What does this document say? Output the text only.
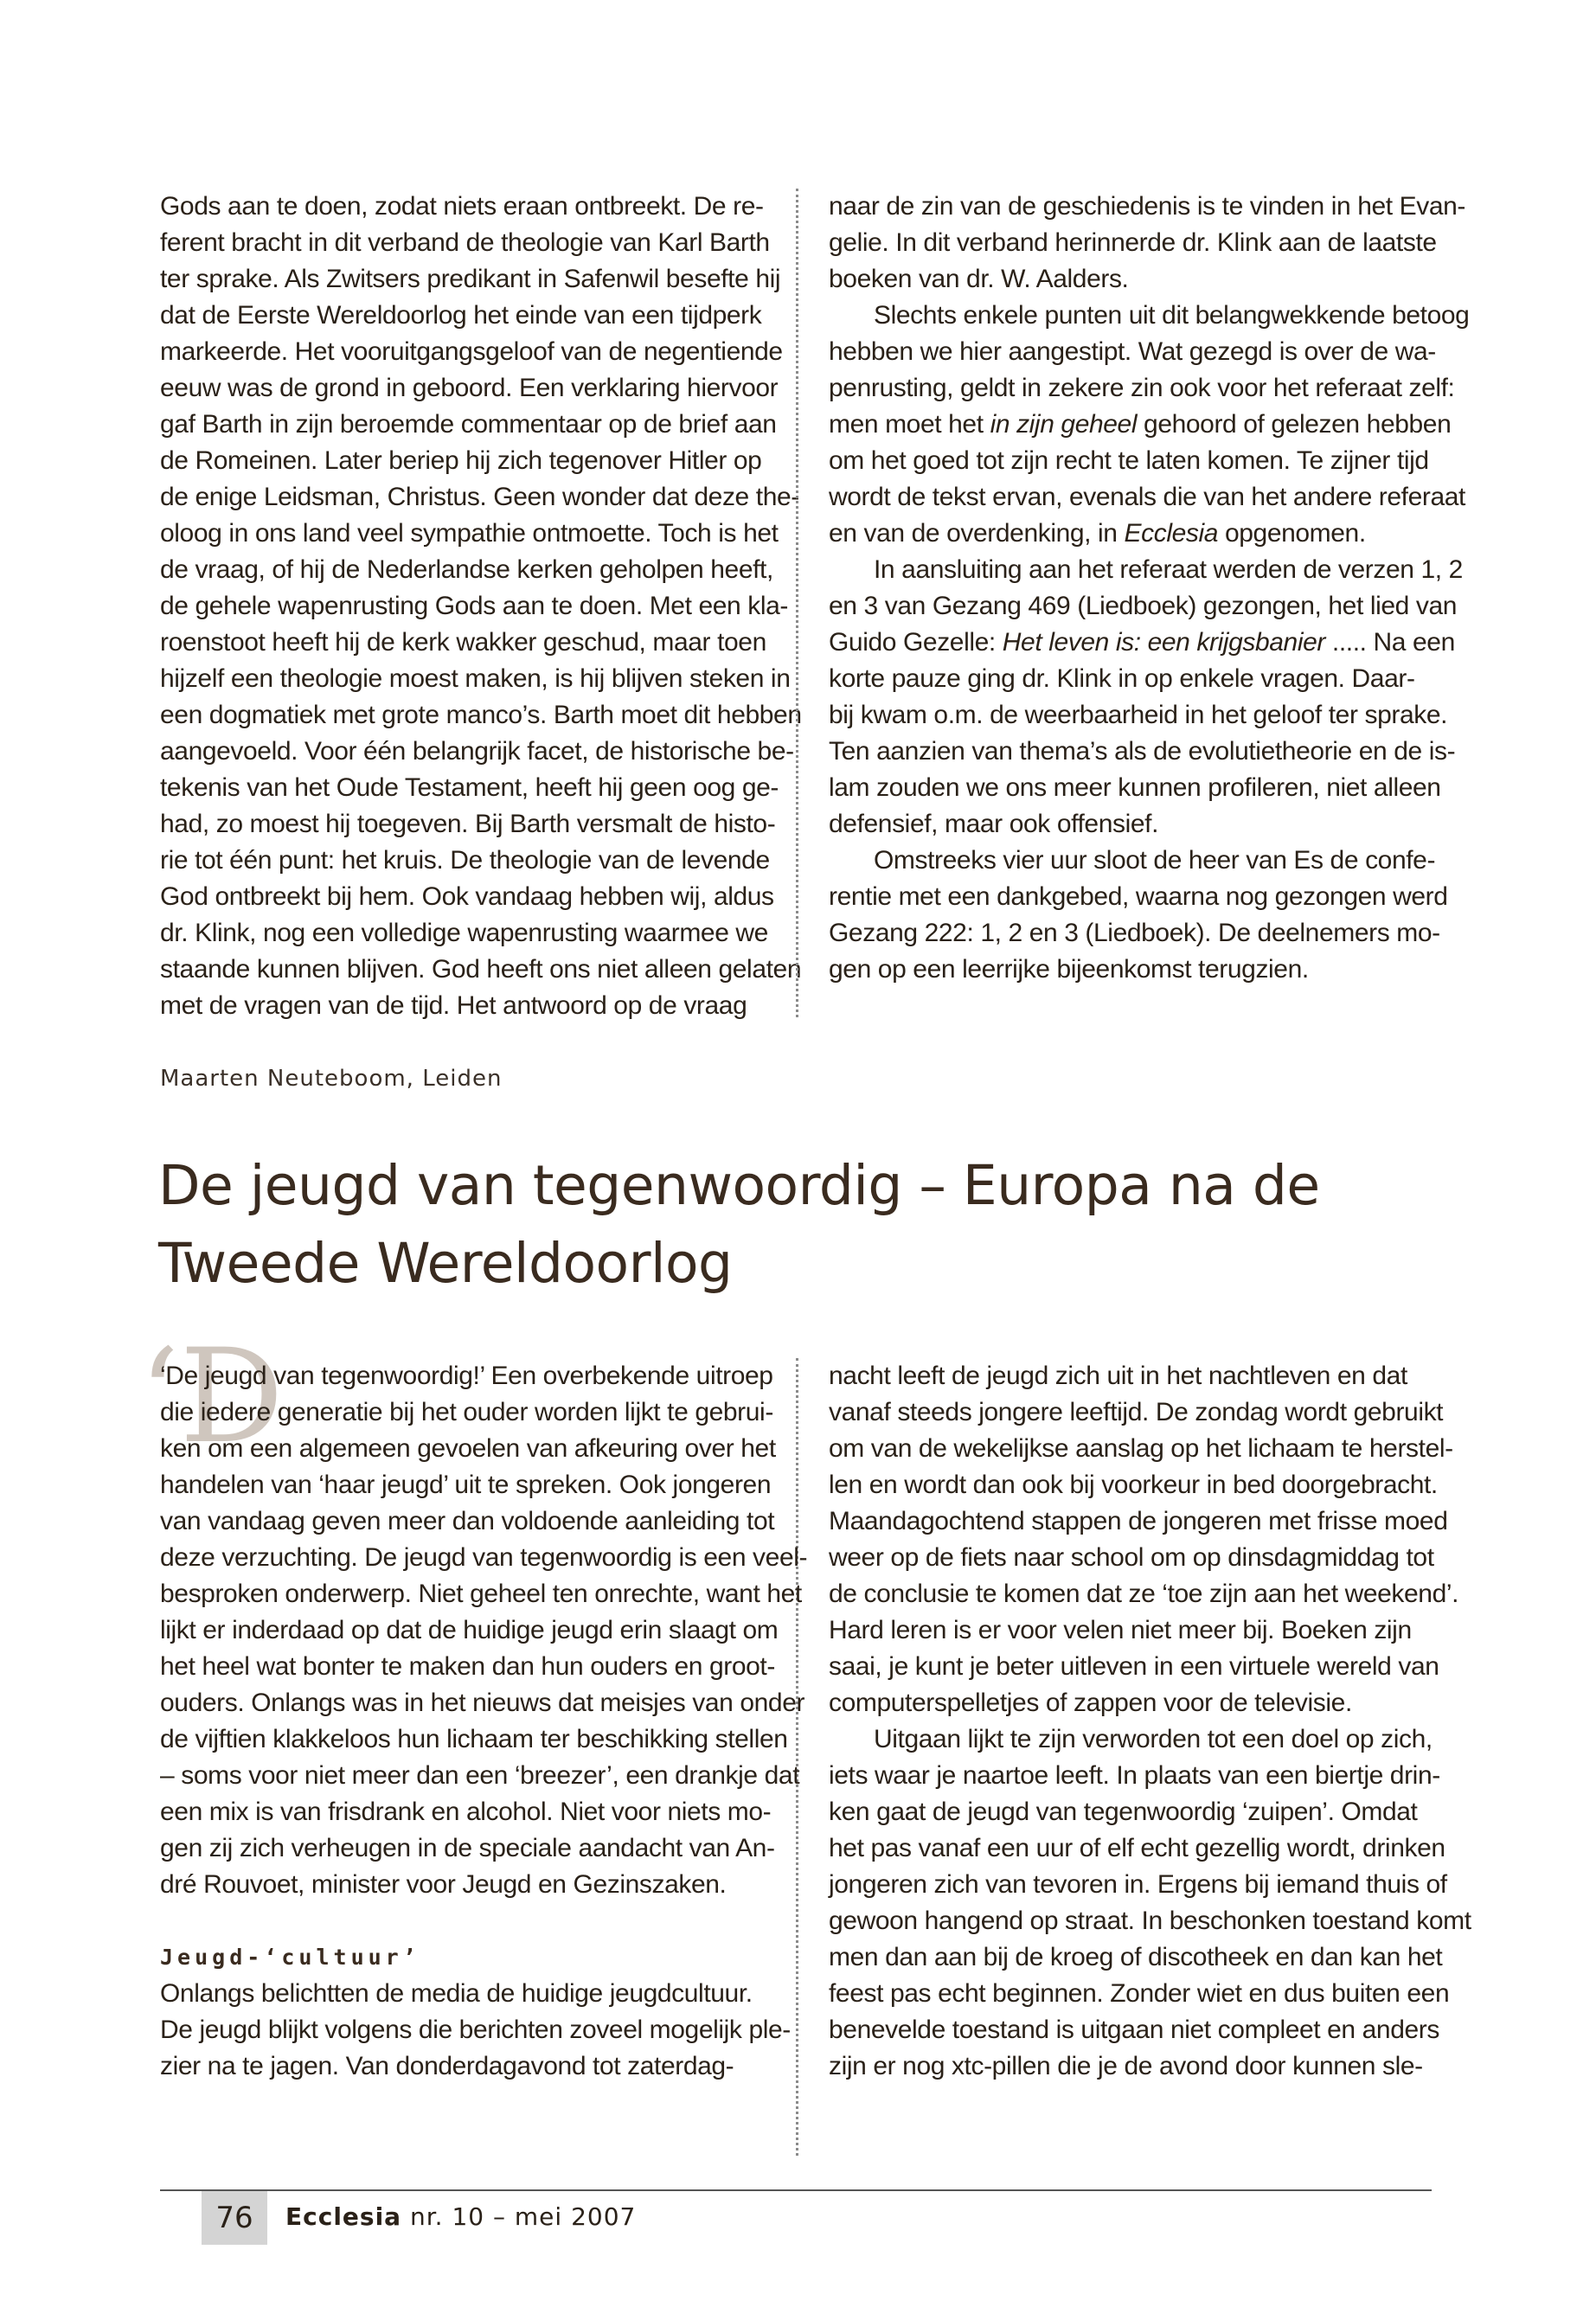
Gods aan te doen, zodat niets eraan ontbreekt. De re-
ferent bracht in dit verband de theologie van Karl Barth
ter sprake. Als Zwitsers predikant in Safenwil besefte hij
dat de Eerste Wereldoorlog het einde van een tijdperk
markeerde. Het vooruitgangsgeloof van de negentiende
eeuw was de grond in geboord. Een verklaring hiervoor
gaf Barth in zijn beroemde commentaar op de brief aan
de Romeinen. Later beriep hij zich tegenover Hitler op
de enige Leidsman, Christus. Geen wonder dat deze the-
oloog in ons land veel sympathie ontmoette. Toch is het
de vraag, of hij de Nederlandse kerken geholpen heeft,
de gehele wapenrusting Gods aan te doen. Met een kla-
roenstoot heeft hij de kerk wakker geschud, maar toen
hijzelf een theologie moest maken, is hij blijven steken in
een dogmatiek met grote manco’s. Barth moet dit hebben
aangevoeld. Voor één belangrijk facet, de historische be-
tekenis van het Oude Testament, heeft hij geen oog ge-
had, zo moest hij toegeven. Bij Barth versmalt de histo-
rie tot één punt: het kruis. De theologie van de levende
God ontbreekt bij hem. Ook vandaag hebben wij, aldus
dr. Klink, nog een volledige wapenrusting waarmee we
staande kunnen blijven. God heeft ons niet alleen gelaten
met de vragen van de tijd. Het antwoord op de vraag
naar de zin van de geschiedenis is te vinden in het Evan-
gelie. In dit verband herinnerde dr. Klink aan de laatste
boeken van dr. W. Aalders.
Slechts enkele punten uit dit belangwekkende betoog
hebben we hier aangestipt. Wat gezegd is over de wa-
penrusting, geldt in zekere zin ook voor het referaat zelf:
men moet het in zijn geheel gehoord of gelezen hebben
om het goed tot zijn recht te laten komen. Te zijner tijd
wordt de tekst ervan, evenals die van het andere referaat
en van de overdenking, in Ecclesia opgenomen.
In aansluiting aan het referaat werden de verzen 1, 2
en 3 van Gezang 469 (Liedboek) gezongen, het lied van
Guido Gezelle: Het leven is: een krijgsbanier ..... Na een
korte pauze ging dr. Klink in op enkele vragen. Daar-
bij kwam o.m. de weerbaarheid in het geloof ter sprake.
Ten aanzien van thema’s als de evolutietheorie en de is-
lam zouden we ons meer kunnen profileren, niet alleen
defensief, maar ook offensief.
Omstreeks vier uur sloot de heer van Es de confe-
rentie met een dankgebed, waarna nog gezongen werd
Gezang 222: 1, 2 en 3 (Liedboek). De deelnemers mo-
gen op een leerrijke bijeenkomst terugzien.
Maarten Neuteboom, Leiden
De jeugd van tegenwoordig – Europa na de
Tweede Wereldoorlog
‘D
‘De jeugd van tegenwoordig!’ Een overbekende uitroep
die iedere generatie bij het ouder worden lijkt te gebrui-
ken om een algemeen gevoelen van afkeuring over het
handelen van ‘haar jeugd’ uit te spreken. Ook jongeren
van vandaag geven meer dan voldoende aanleiding tot
deze verzuchting. De jeugd van tegenwoordig is een veel-
besproken onderwerp. Niet geheel ten onrechte, want het
lijkt er inderdaad op dat de huidige jeugd erin slaagt om
het heel wat bonter te maken dan hun ouders en groot-
ouders. Onlangs was in het nieuws dat meisjes van onder
de vijftien klakkeloos hun lichaam ter beschikking stellen
– soms voor niet meer dan een ‘breezer’, een drankje dat
een mix is van frisdrank en alcohol. Niet voor niets mo-
gen zij zich verheugen in de speciale aandacht van An-
dré Rouvoet, minister voor Jeugd en Gezinszaken.
Jeugd-‘cultuur’
Onlangs belichtten de media de huidige jeugdcultuur.
De jeugd blijkt volgens die berichten zoveel mogelijk ple-
zier na te jagen. Van donderdagavond tot zaterdag-
nacht leeft de jeugd zich uit in het nachtleven en dat
vanaf steeds jongere leeftijd. De zondag wordt gebruikt
om van de wekelijkse aanslag op het lichaam te herstel-
len en wordt dan ook bij voorkeur in bed doorgebracht.
Maandagochtend stappen de jongeren met frisse moed
weer op de fiets naar school om op dinsdagmiddag tot
de conclusie te komen dat ze ‘toe zijn aan het weekend’.
Hard leren is er voor velen niet meer bij. Boeken zijn
saai, je kunt je beter uitleven in een virtuele wereld van
computerspelletjes of zappen voor de televisie.
Uitgaan lijkt te zijn verworden tot een doel op zich,
iets waar je naartoe leeft. In plaats van een biertje drin-
ken gaat de jeugd van tegenwoordig ‘zuipen’. Omdat
het pas vanaf een uur of elf echt gezellig wordt, drinken
jongeren zich van tevoren in. Ergens bij iemand thuis of
gewoon hangend op straat. In beschonken toestand komt
men dan aan bij de kroeg of discotheek en dan kan het
feest pas echt beginnen. Zonder wiet en dus buiten een
benevelde toestand is uitgaan niet compleet en anders
zijn er nog xtc-pillen die je de avond door kunnen sle-
76	Ecclesia nr. 10 – mei 2007
